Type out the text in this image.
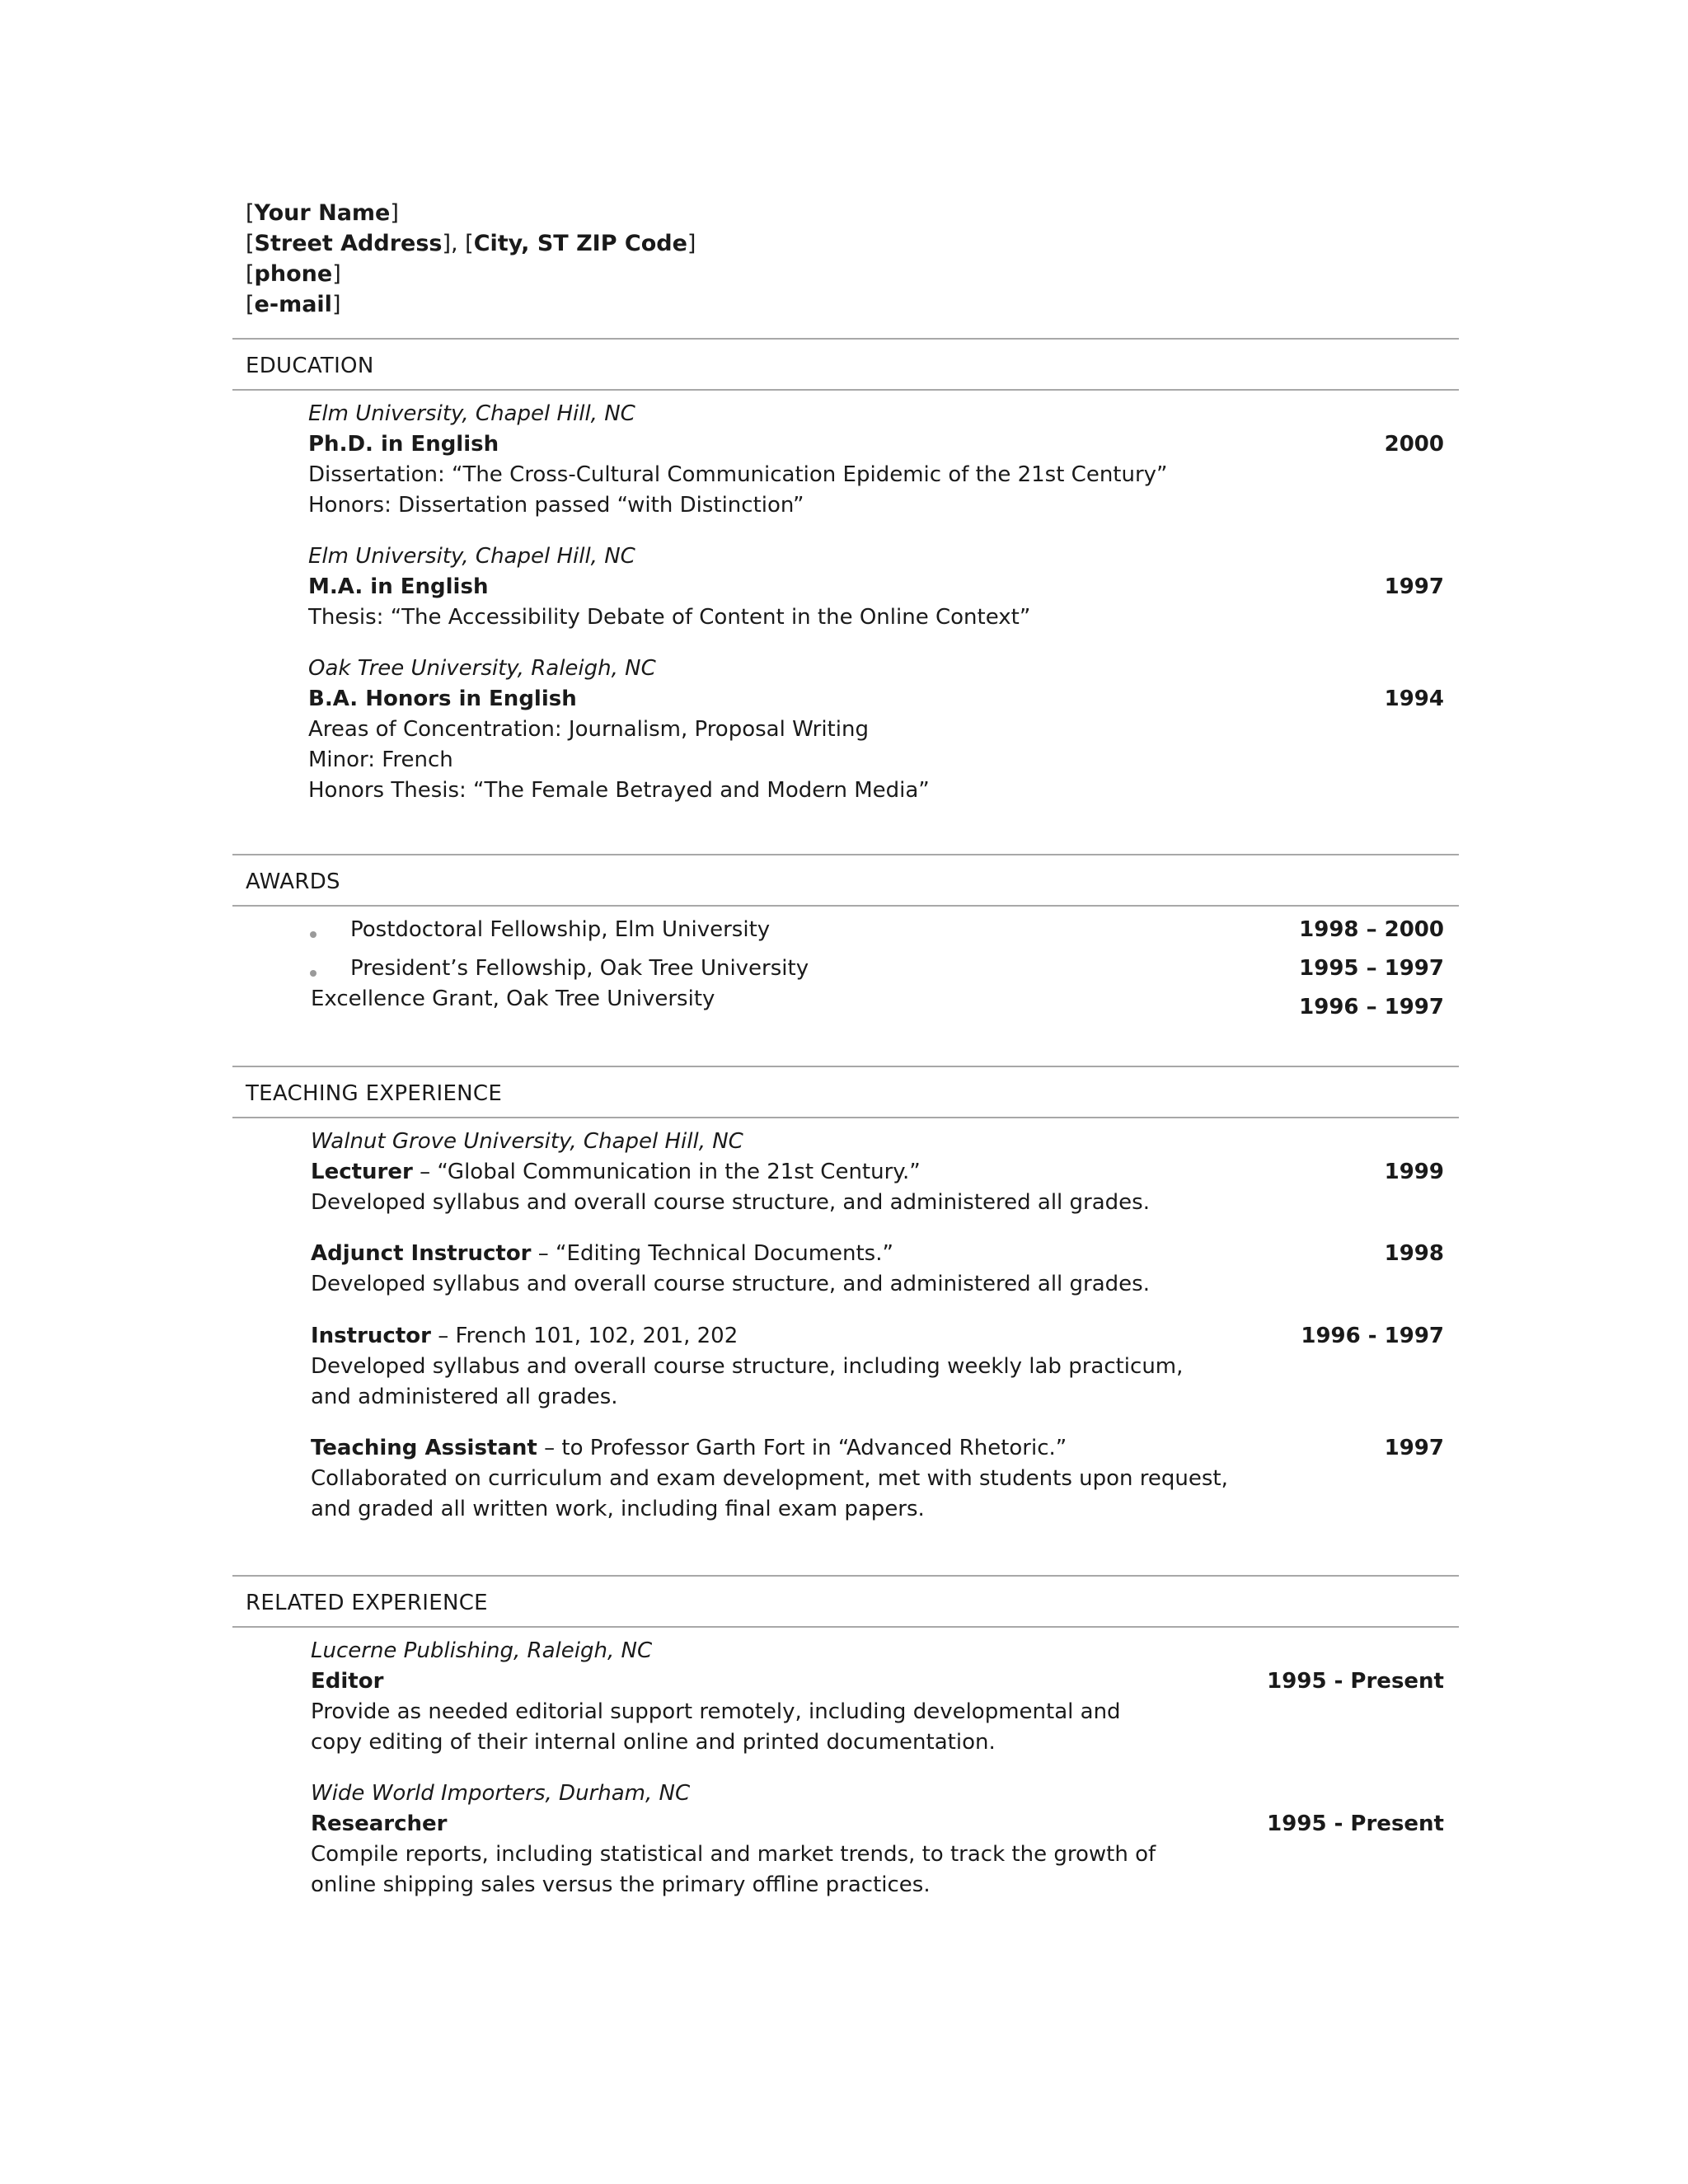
[Your Name]
[Street Address], [City, ST ZIP Code]
[phone]
[e-mail]
EDUCATION
Elm University, Chapel Hill, NC
Ph.D. in English	2000
Dissertation: “The Cross-Cultural Communication Epidemic of the 21st Century”
Honors: Dissertation passed “with Distinction”
Elm University, Chapel Hill, NC
M.A. in English	1997
Thesis: “The Accessibility Debate of Content in the Online Context”
Oak Tree University, Raleigh, NC
B.A. Honors in English	1994
Areas of Concentration: Journalism, Proposal Writing
Minor: French
Honors Thesis: “The Female Betrayed and Modern Media”
AWARDS
Postdoctoral Fellowship, Elm University	1998 – 2000
President’s Fellowship, Oak Tree University	1995 – 1997
Excellence Grant, Oak Tree University	1996 – 1997
TEACHING EXPERIENCE
Walnut Grove University, Chapel Hill, NC
Lecturer – “Global Communication in the 21st Century.”	1999
Developed syllabus and overall course structure, and administered all grades.
Adjunct Instructor – “Editing Technical Documents.”	1998
Developed syllabus and overall course structure, and administered all grades.
Instructor – French 101, 102, 201, 202	1996 - 1997
Developed syllabus and overall course structure, including weekly lab practicum,
and administered all grades.
Teaching Assistant – to Professor Garth Fort in “Advanced Rhetoric.”	1997
Collaborated on curriculum and exam development, met with students upon request,
and graded all written work, including final exam papers.
RELATED EXPERIENCE
Lucerne Publishing, Raleigh, NC
Editor	1995 - Present
Provide as needed editorial support remotely, including developmental and
copy editing of their internal online and printed documentation.
Wide World Importers, Durham, NC
Researcher	1995 - Present
Compile reports, including statistical and market trends, to track the growth of
online shipping sales versus the primary offline practices.
